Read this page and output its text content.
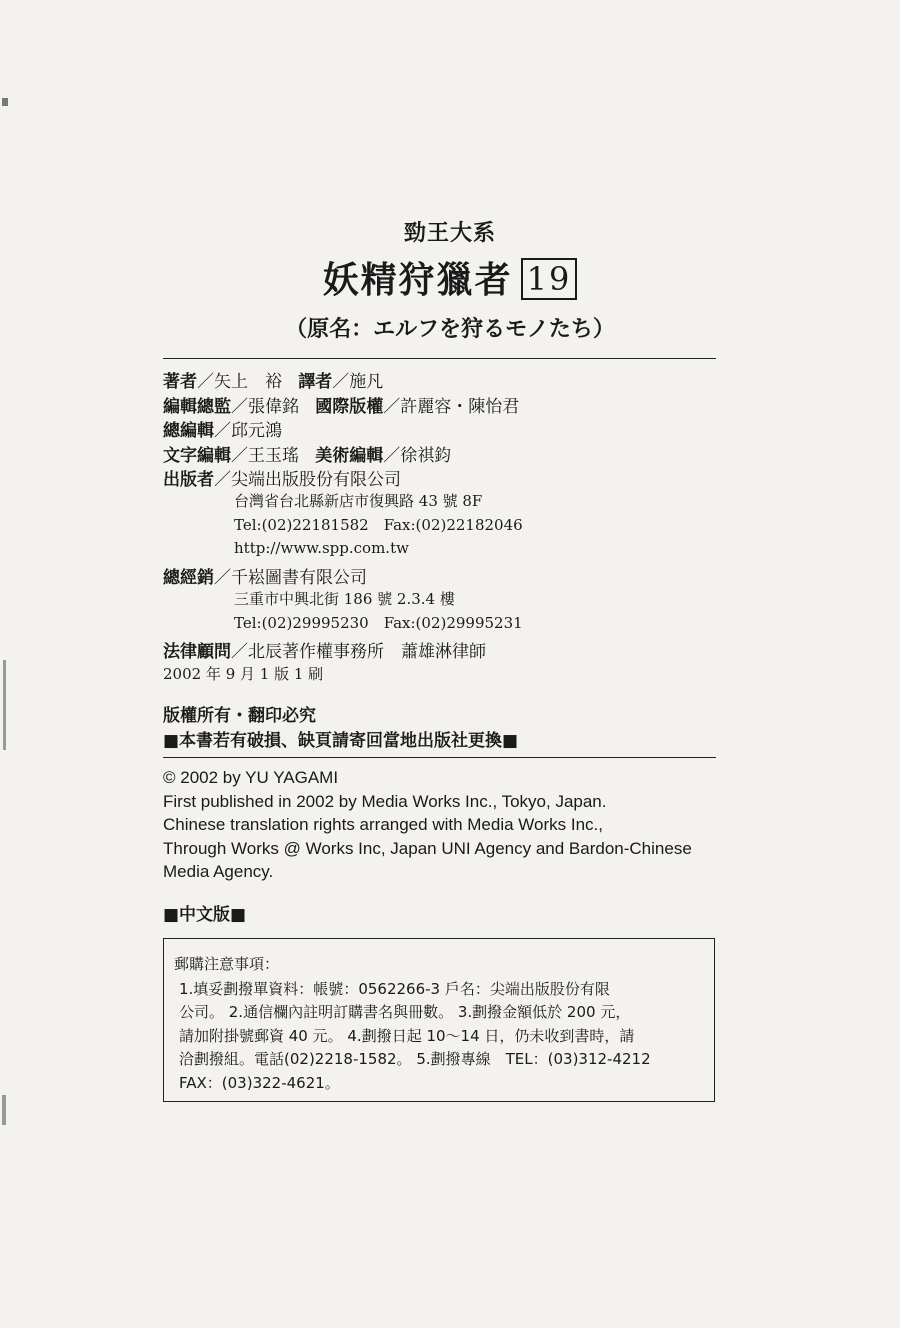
勁王大系
妖精狩獵者 19
（原名：エルフを狩るモノたち）
著者／矢上　裕 譯者／施凡
編輯總監／張偉銘 國際版權／許麗容・陳怡君
總編輯／邱元鴻
文字編輯／王玉瑤 美術編輯／徐祺鈞
出版者／尖端出版股份有限公司
台灣省台北縣新店市復興路 43 號 8F
Tel:(02)22181582　Fax:(02)22182046
http://www.spp.com.tw
總經銷／千崧圖書有限公司
三重市中興北街 186 號 2.3.4 樓
Tel:(02)29995230　Fax:(02)29995231
法律顧問／北辰著作權事務所　蕭雄淋律師
2002 年 9 月 1 版 1 刷
版權所有・翻印必究
■本書若有破損、缺頁請寄回當地出版社更換■
© 2002 by YU YAGAMI
First published in 2002 by Media Works Inc., Tokyo, Japan.
Chinese translation rights arranged with Media Works Inc.,
Through Works @ Works Inc, Japan UNI Agency and Bardon-Chinese
Media Agency.
■中文版■
郵購注意事項：
1.填妥劃撥單資料：帳號：0562266-3 戶名：尖端出版股份有限
公司。 2.通信欄內註明訂購書名與冊數。 3.劃撥金額低於 200 元，
請加附掛號郵資 40 元。 4.劃撥日起 10～14 日，仍未收到書時，請
洽劃撥組。電話(02)2218-1582。 5.劃撥專線　TEL：(03)312-4212
FAX：(03)322-4621。
